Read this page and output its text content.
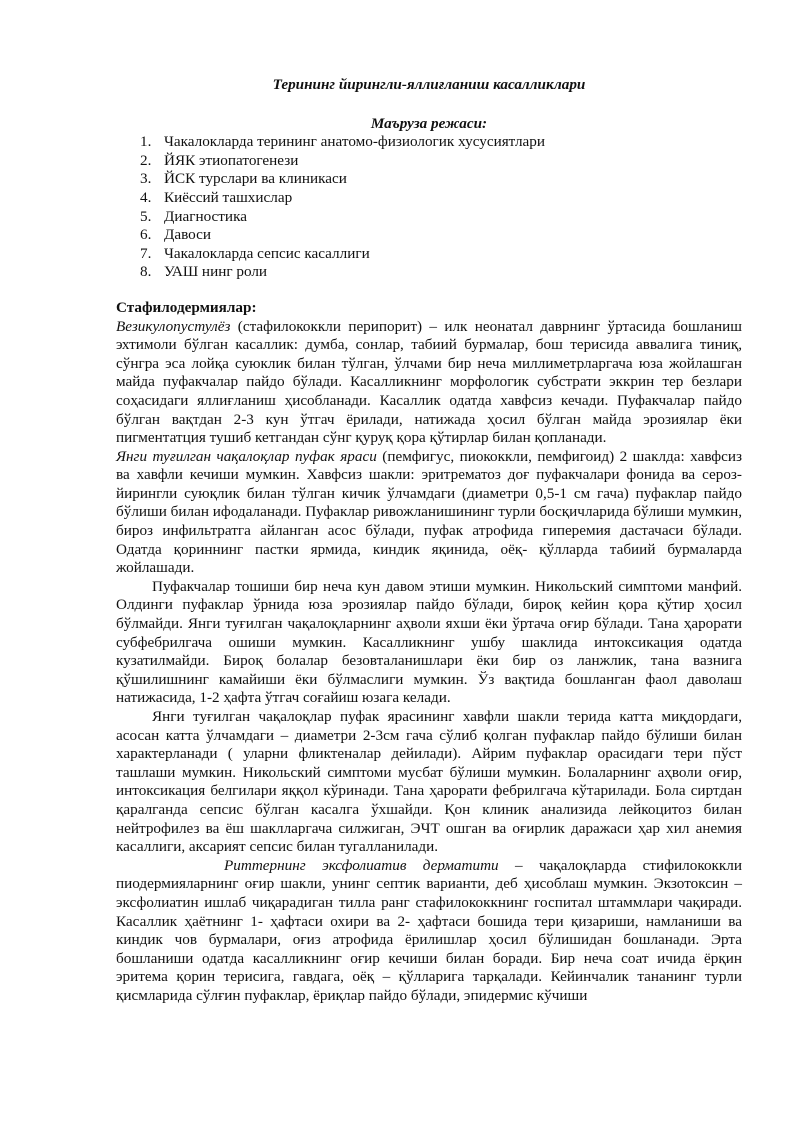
Терининг йирингли-яллиғланиш касалликлари
Маъруза режаси:
1. Чакалокларда терининг анатомо-физиологик хусусиятлари
2. ЙЯК этиопатогенези
3. ЙСК турслари ва клиникаси
4. Киёссий ташхислар
5. Диагностика
6. Давоси
7. Чакалокларда сепсис касаллиги
8. УАШ нинг роли
Стафилодермиялар:

Везикулопустулёз (стафилококкли перипорит) – илк неонатал даврнинг ўртасида бошланиш эхтимоли бўлган касаллик: думба, сонлар, табиий бурмалар, бош терисида аввалига тиниқ, сўнгра эса лойқа суюклик билан тўлган, ўлчами бир неча миллиметрларгача юза жойлашган майда пуфакчалар пайдо бўлади. Касалликнинг морфологик субстрати эккрин тер безлари соҳасидаги яллиғланиш ҳисобланади. Касаллик одатда хавфсиз кечади. Пуфакчалар пайдо бўлган вақтдан 2-3 кун ўтгач ёрилади, натижада ҳосил бўлган майда эрозиялар ёки пигментатция тушиб кетгандан сўнг қуруқ қора қўтирлар билан қопланади.

Янги туғилган чақалоқлар пуфак яраси (пемфигус, пиококкли, пемфигоид) 2 шаклда: хавфсиз ва хавфли кечиши мумкин. Хавфсиз шакли: эритрематоз доғ пуфакчалари фонида ва сероз-йирингли суюқлик билан тўлган кичик ўлчамдаги (диаметри 0,5-1 см гача) пуфаклар пайдо бўлиши билан ифодаланади. Пуфаклар ривожланишининг турли босқичларида бўлиши мумкин, бироз инфильтратга айланган асос бўлади, пуфак атрофида гиперемия дастачаси бўлади. Одатда қориннинг пастки ярмида, киндик яқинида, оёқ- қўлларда табиий бурмаларда жойлашади.

Пуфакчалар тошиши бир неча кун давом этиши мумкин. Никольский симптоми манфий. Олдинги пуфаклар ўрнида юза эрозиялар пайдо бўлади, бироқ кейин қора қўтир ҳосил бўлмайди. Янги туғилган чақалоқларнинг аҳволи яхши ёки ўртача оғир бўлади. Тана ҳарорати субфебрилгача ошиши мумкин. Касалликнинг ушбу шаклида интоксикация одатда кузатилмайди. Бироқ болалар безовталанишлари ёки бир оз ланжлик, тана вазнига қўшилишнинг камайиши ёки бўлмаслиги мумкин. Ўз вақтида бошланган фаол даволаш натижасида, 1-2 ҳафта ўтгач соғайиш юзага келади.

Янги туғилган чақалоқлар пуфак ярасининг хавфли шакли терида катта миқдордаги, асосан катта ўлчамдаги – диаметри 2-3см гача сўлиб қолган пуфаклар пайдо бўлиши билан характерланади ( уларни фликтеналар дейилади). Айрим пуфаклар орасидаги тери пўст ташлаши мумкин. Никольский симптоми мусбат бўлиши мумкин. Болаларнинг аҳволи оғир, интоксикация белгилари яққол кўринади. Тана ҳарорати фебрилгача кўтарилади. Бола сиртдан қаралганда сепсис бўлган касалга ўхшайди. Қон клиник анализида лейкоцитоз билан нейтрофилез ва ёш шаклларгача силжиган, ЭЧТ ошган ва оғирлик даражаси ҳар хил анемия касаллиги, аксарият сепсис билан тугалланилади.

Риттернинг эксфолиатив дерматити – чақалоқларда стифилококкли пиодермияларнинг оғир шакли, унинг септик варианти, деб ҳисоблаш мумкин. Экзотоксин – эксфолиатин ишлаб чиқарадиган тилла ранг стафилококкнинг госпитал штаммлари чақиради. Касаллик ҳаётнинг 1- ҳафтаси охири ва 2- ҳафтаси бошида тери қизариши, намланиши ва киндик чов бурмалари, оғиз атрофида ёрилишлар ҳосил бўлишидан бошланади. Эрта бошланиши одатда касалликнинг оғир кечиши билан боради. Бир неча соат ичида ёрқин эритема қорин терисига, гавдага, оёқ – қўлларига тарқалади. Кейинчалик тананинг турли қисмларида сўлғин пуфаклар, ёриқлар пайдо бўлади, эпидермис кўчиши
